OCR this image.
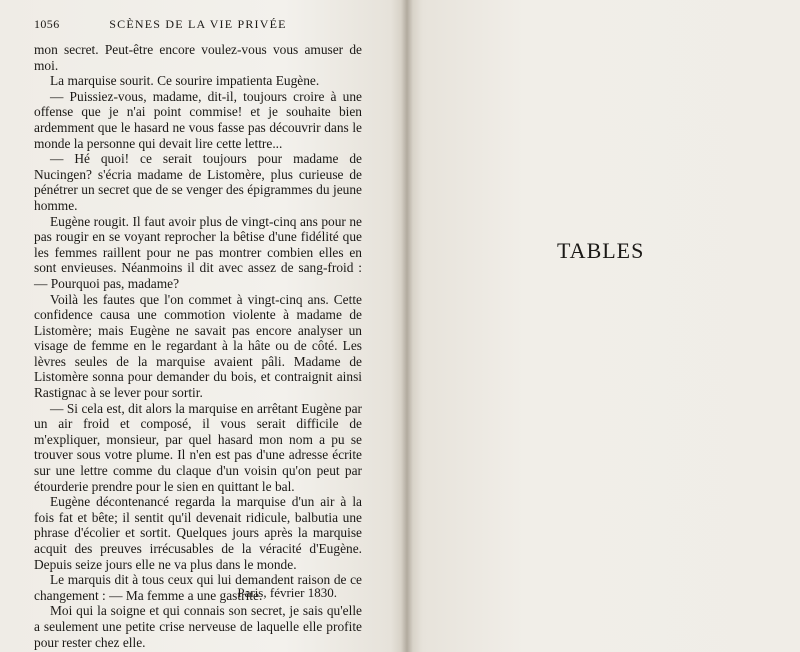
1056	SCÈNES DE LA VIE PRIVÉE

mon secret. Peut-être encore voulez-vous vous amuser de moi.

La marquise sourit. Ce sourire impatienta Eugène.

— Puissiez-vous, madame, dit-il, toujours croire à une offense que je n'ai point commise! et je souhaite bien ardemment que le hasard ne vous fasse pas découvrir dans le monde la personne qui devait lire cette lettre...

— Hé quoi! ce serait toujours pour madame de Nucingen? s'écria madame de Listomère, plus curieuse de pénétrer un secret que de se venger des épigrammes du jeune homme.

Eugène rougit. Il faut avoir plus de vingt-cinq ans pour ne pas rougir en se voyant reprocher la bêtise d'une fidélité que les femmes raillent pour ne pas montrer combien elles en sont envieuses. Néanmoins il dit avec assez de sang-froid : — Pourquoi pas, madame?

Voilà les fautes que l'on commet à vingt-cinq ans. Cette confidence causa une commotion violente à madame de Listomère; mais Eugène ne savait pas encore analyser un visage de femme en le regardant à la hâte ou de côté. Les lèvres seules de la marquise avaient pâli. Madame de Listomère sonna pour demander du bois, et contraignit ainsi Rastignac à se lever pour sortir.

— Si cela est, dit alors la marquise en arrêtant Eugène par un air froid et composé, il vous serait difficile de m'expliquer, monsieur, par quel hasard mon nom a pu se trouver sous votre plume. Il n'en est pas d'une adresse écrite sur une lettre comme du claque d'un voisin qu'on peut par étourderie prendre pour le sien en quittant le bal.

Eugène décontenancé regarda la marquise d'un air à la fois fat et bête; il sentit qu'il devenait ridicule, balbutia une phrase d'écolier et sortit. Quelques jours après la marquise acquit des preuves irrécusables de la véracité d'Eugène. Depuis seize jours elle ne va plus dans le monde.

Le marquis dit à tous ceux qui lui demandent raison de ce changement : — Ma femme a une gastrite.

Moi qui la soigne et qui connais son secret, je sais qu'elle a seulement une petite crise nerveuse de laquelle elle profite pour rester chez elle.

Paris, février 1830.
TABLES
